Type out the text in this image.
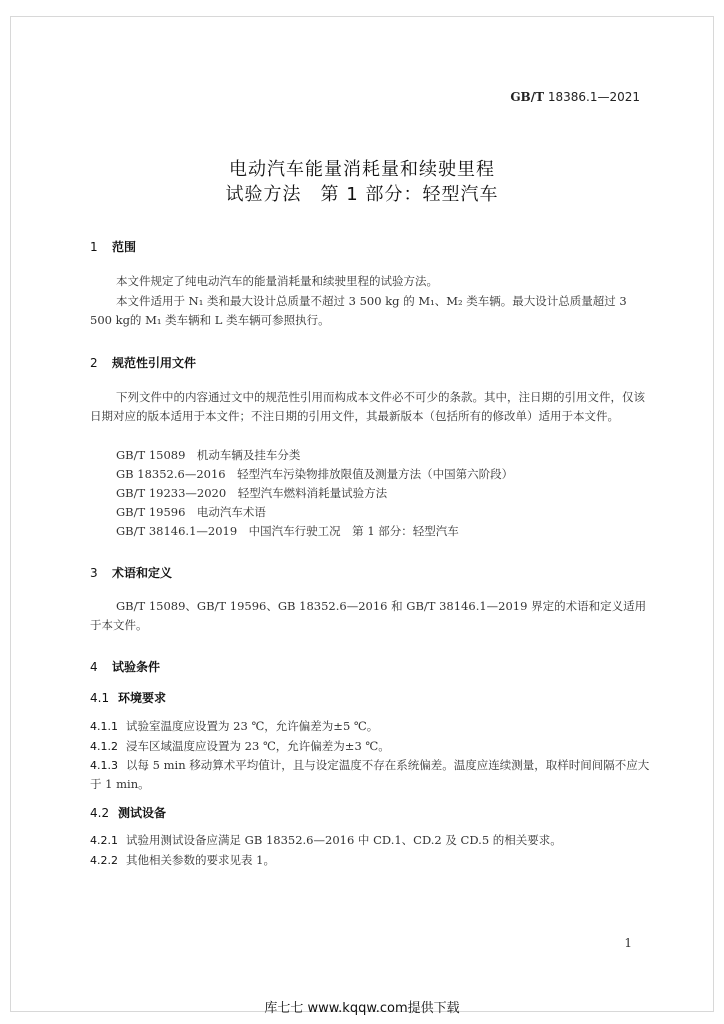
GB/T 18386.1—2021
电动汽车能量消耗量和续驶里程
试验方法　第 1 部分：轻型汽车
1 范围
本文件规定了纯电动汽车的能量消耗量和续驶里程的试验方法。
本文件适用于 N₁ 类和最大设计总质量不超过 3 500 kg 的 M₁、M₂ 类车辆。最大设计总质量超过 3 500 kg的 M₁ 类车辆和 L 类车辆可参照执行。
2 规范性引用文件
下列文件中的内容通过文中的规范性引用而构成本文件必不可少的条款。其中，注日期的引用文件，仅该日期对应的版本适用于本文件；不注日期的引用文件，其最新版本（包括所有的修改单）适用于本文件。
GB/T 15089　机动车辆及挂车分类
GB 18352.6—2016　轻型汽车污染物排放限值及测量方法（中国第六阶段）
GB/T 19233—2020　轻型汽车燃料消耗量试验方法
GB/T 19596　电动汽车术语
GB/T 38146.1—2019　中国汽车行驶工况　第 1 部分：轻型汽车
3 术语和定义
GB/T 15089、GB/T 19596、GB 18352.6—2016 和 GB/T 38146.1—2019 界定的术语和定义适用于本文件。
4 试验条件
4.1 环境要求
4.1.1 试验室温度应设置为 23 ℃，允许偏差为±5 ℃。
4.1.2 浸车区域温度应设置为 23 ℃，允许偏差为±3 ℃。
4.1.3 以每 5 min 移动算术平均值计，且与设定温度不存在系统偏差。温度应连续测量，取样时间间隔不应大于 1 min。
4.2 测试设备
4.2.1 试验用测试设备应满足 GB 18352.6—2016 中 CD.1、CD.2 及 CD.5 的相关要求。
4.2.2 其他相关参数的要求见表 1。
1
库七七 www.kqqw.com提供下载
